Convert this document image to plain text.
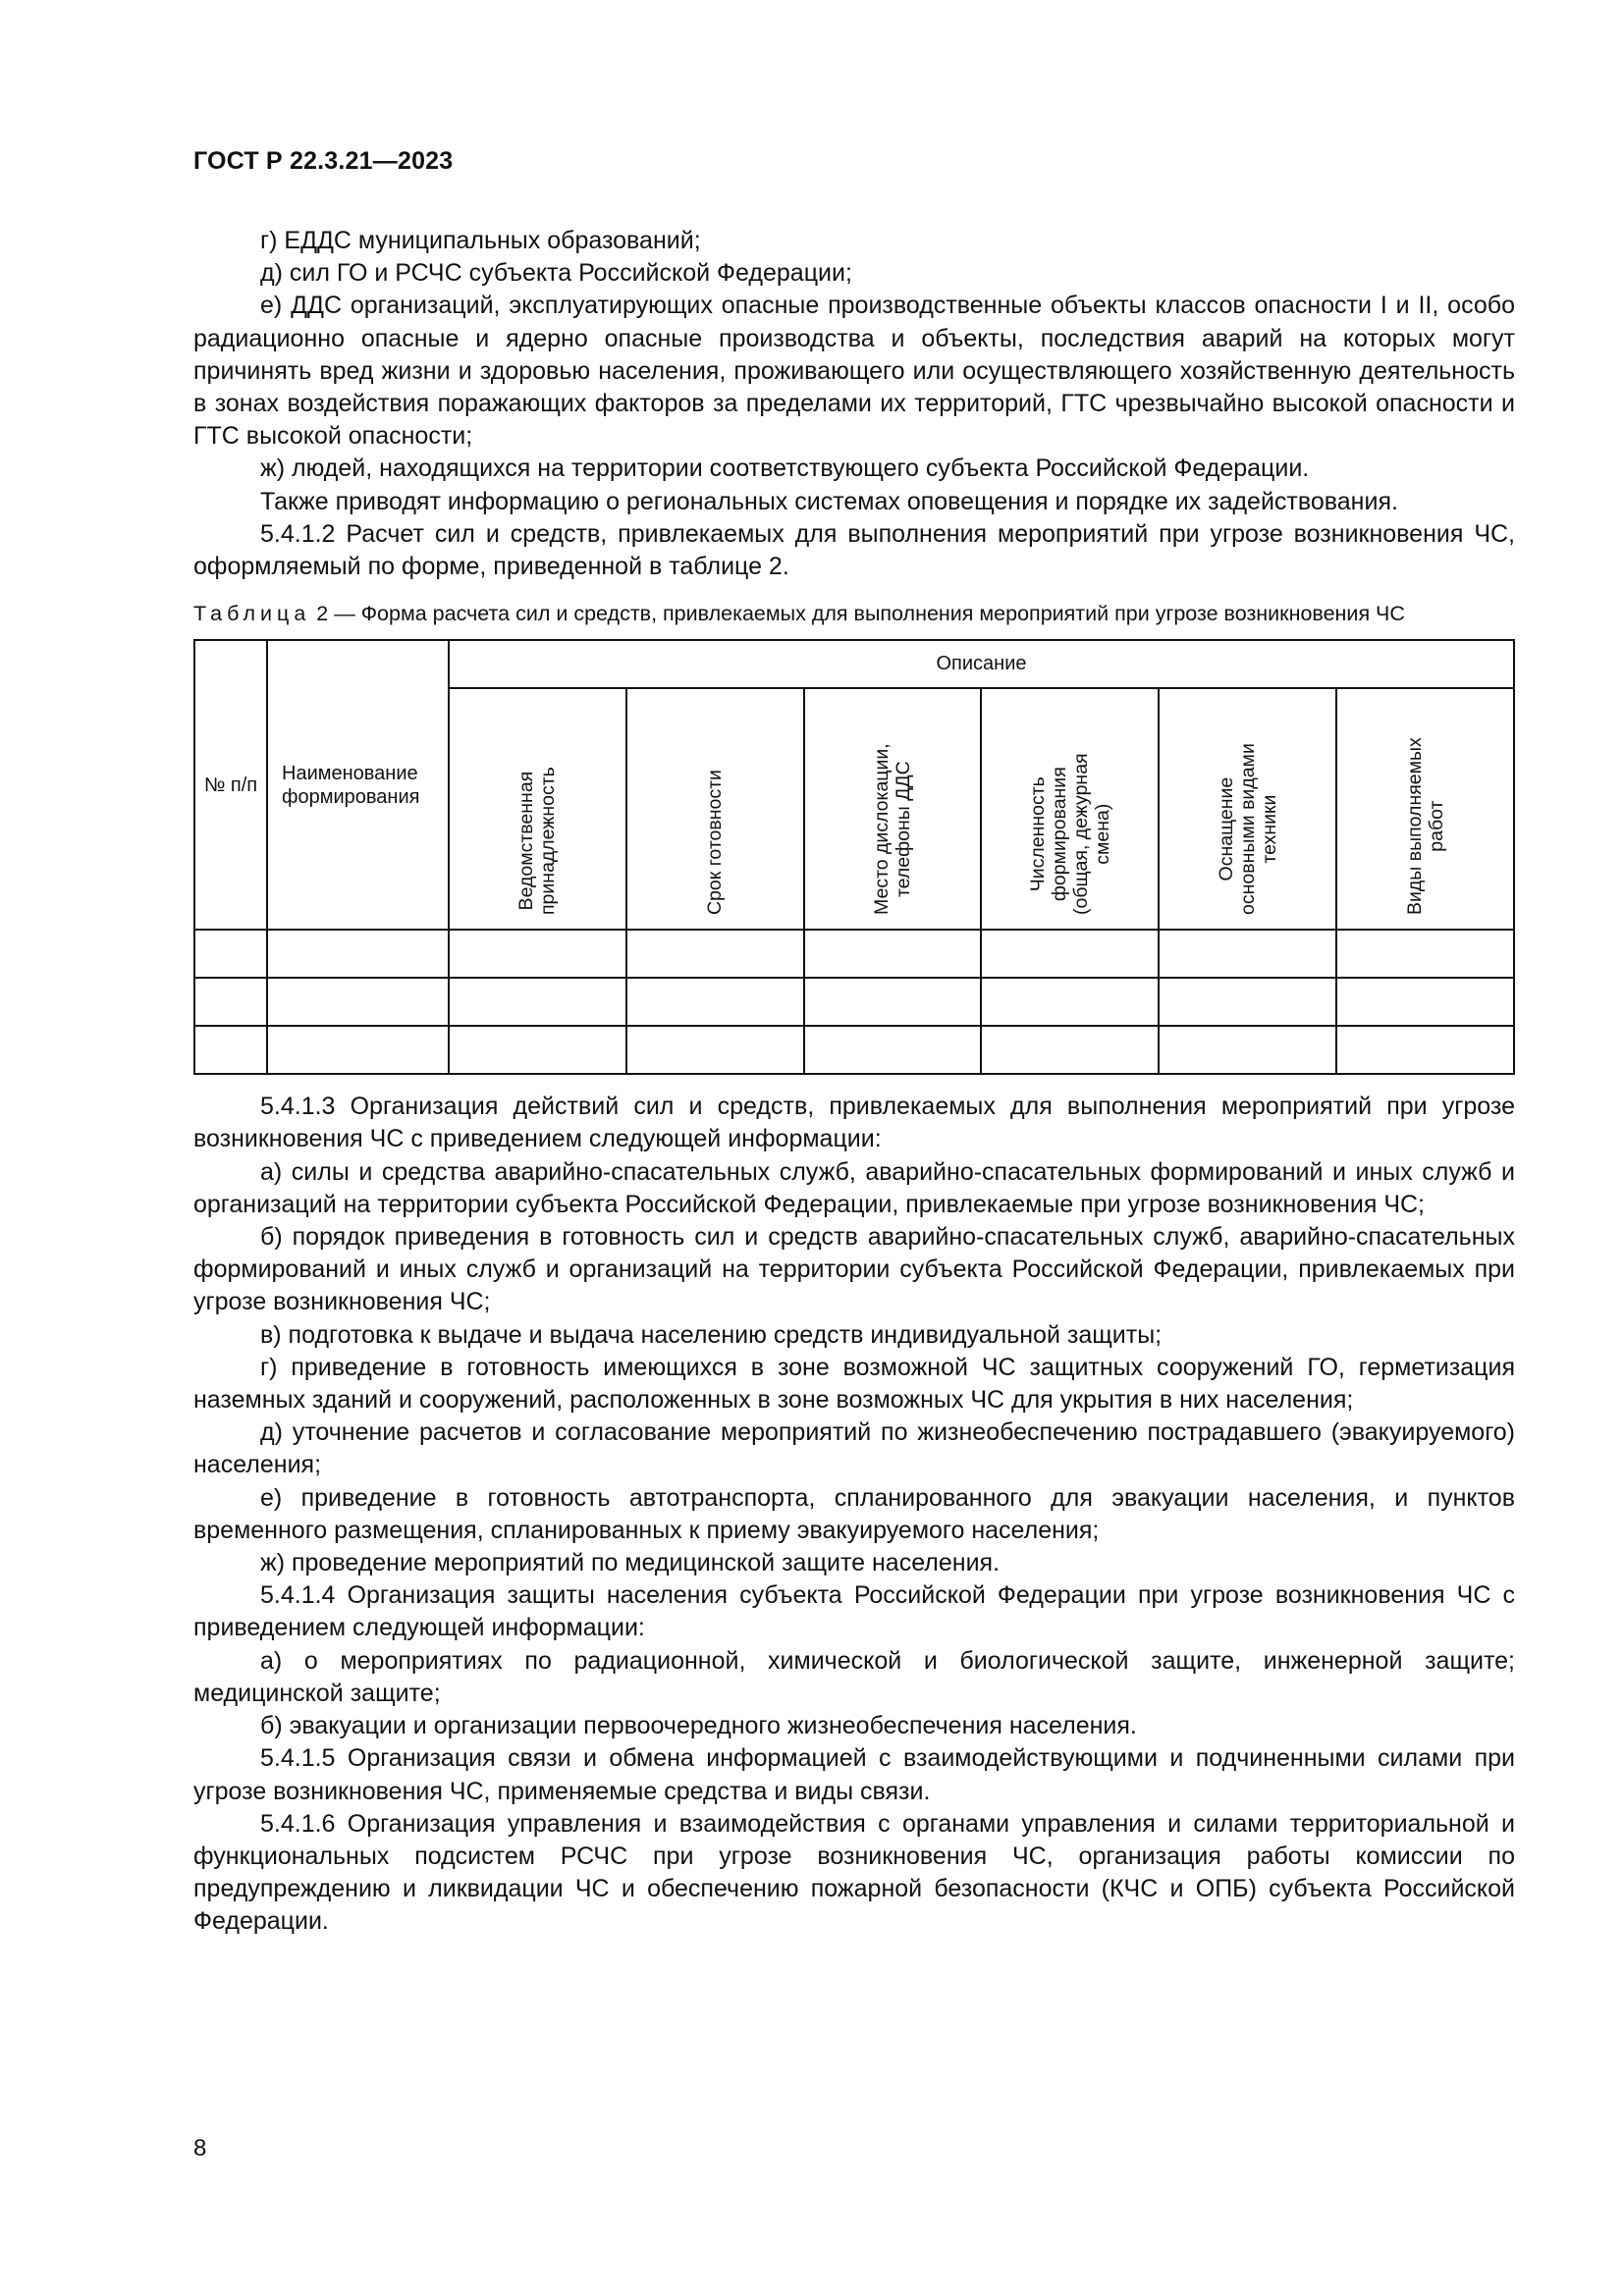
ГОСТ Р 22.3.21—2023

г) ЕДДС муниципальных образований;

д) сил ГО и РСЧС субъекта Российской Федерации;

е) ДДС организаций, эксплуатирующих опасные производственные объекты классов опасности I и II, особо радиационно опасные и ядерно опасные производства и объекты, последствия аварий на которых могут причинять вред жизни и здоровью населения, проживающего или осуществляющего хозяйственную деятельность в зонах воздействия поражающих факторов за пределами их территорий, ГТС чрезвычайно высокой опасности и ГТС высокой опасности;

ж) людей, находящихся на территории соответствующего субъекта Российской Федерации.

Также приводят информацию о региональных системах оповещения и порядке их задействования.

5.4.1.2 Расчет сил и средств, привлекаемых для выполнения мероприятий при угрозе возникновения ЧС, оформляемый по форме, приведенной в таблице 2.

Таблица 2 — Форма расчета сил и средств, привлекаемых для выполнения мероприятий при угрозе возникновения ЧС
№ п/п	Наименование формирования	Описание					

		Ведомственная принадлежность	Срок готовности	Место дислокации, телефоны ДДС	Численность формирования (общая, дежурная смена)	Оснащение основными видами техники	Виды выполняемых работ

5.4.1.3 Организация действий сил и средств, привлекаемых для выполнения мероприятий при угрозе возникновения ЧС с приведением следующей информации:

а) силы и средства аварийно-спасательных служб, аварийно-спасательных формирований и иных служб и организаций на территории субъекта Российской Федерации, привлекаемые при угрозе возникновения ЧС;

б) порядок приведения в готовность сил и средств аварийно-спасательных служб, аварийно-спасательных формирований и иных служб и организаций на территории субъекта Российской Федерации, привлекаемых при угрозе возникновения ЧС;

в) подготовка к выдаче и выдача населению средств индивидуальной защиты;

г) приведение в готовность имеющихся в зоне возможной ЧС защитных сооружений ГО, герметизация наземных зданий и сооружений, расположенных в зоне возможных ЧС для укрытия в них населения;

д) уточнение расчетов и согласование мероприятий по жизнеобеспечению пострадавшего (эвакуируемого) населения;

е) приведение в готовность автотранспорта, спланированного для эвакуации населения, и пунктов временного размещения, спланированных к приему эвакуируемого населения;

ж) проведение мероприятий по медицинской защите населения.

5.4.1.4 Организация защиты населения субъекта Российской Федерации при угрозе возникновения ЧС с приведением следующей информации:

а) о мероприятиях по радиационной, химической и биологической защите, инженерной защите; медицинской защите;

б) эвакуации и организации первоочередного жизнеобеспечения населения.

5.4.1.5 Организация связи и обмена информацией с взаимодействующими и подчиненными силами при угрозе возникновения ЧС, применяемые средства и виды связи.

5.4.1.6 Организация управления и взаимодействия с органами управления и силами территориальной и функциональных подсистем РСЧС при угрозе возникновения ЧС, организация работы комиссии по предупреждению и ликвидации ЧС и обеспечению пожарной безопасности (КЧС и ОПБ) субъекта Российской Федерации.

8
